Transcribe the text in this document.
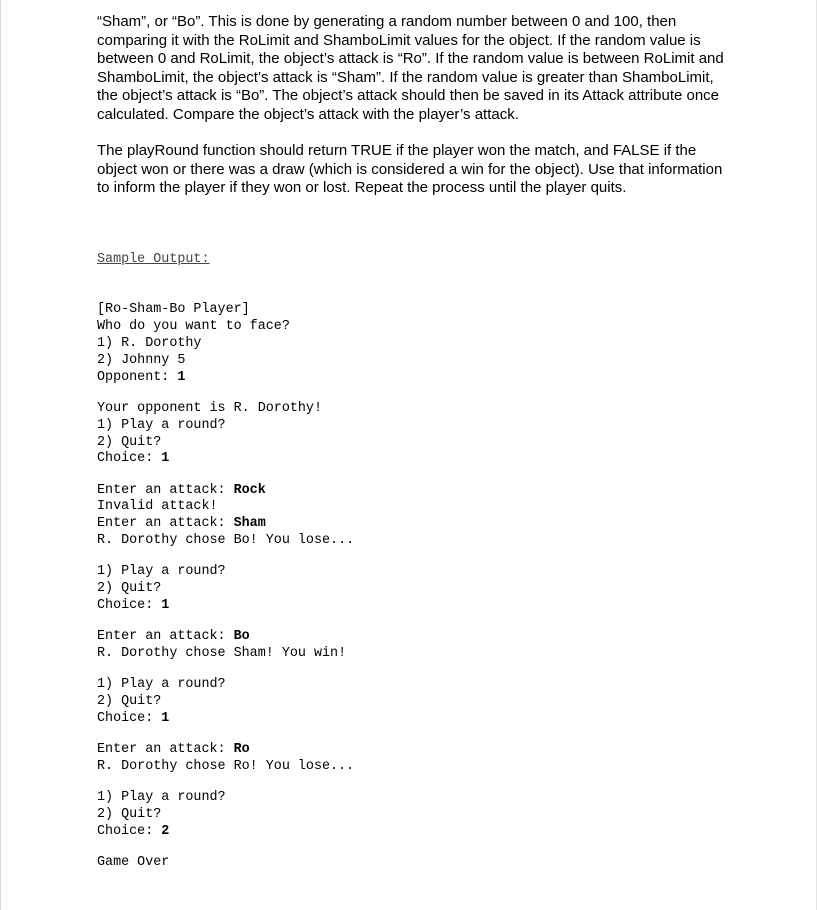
“Sham”, or “Bo”. This is done by generating a random number between 0 and 100, then comparing it with the RoLimit and ShamboLimit values for the object. If the random value is between 0 and RoLimit, the object’s attack is “Ro”. If the random value is between RoLimit and ShamboLimit, the object’s attack is “Sham”. If the random value is greater than ShamboLimit, the object’s attack is “Bo”. The object’s attack should then be saved in its Attack attribute once calculated. Compare the object’s attack with the player’s attack.

The playRound function should return TRUE if the player won the match, and FALSE if the object won or there was a draw (which is considered a win for the object). Use that information to inform the player if they won or lost. Repeat the process until the player quits.

Sample Output:

[Ro-Sham-Bo Player]
Who do you want to face?
1) R. Dorothy
2) Johnny 5
Opponent: 1
Your opponent is R. Dorothy!
1) Play a round?
2) Quit?
Choice: 1
Enter an attack: Rock
Invalid attack!
Enter an attack: Sham
R. Dorothy chose Bo! You lose...
1) Play a round?
2) Quit?
Choice: 1
Enter an attack: Bo
R. Dorothy chose Sham! You win!
1) Play a round?
2) Quit?
Choice: 1
Enter an attack: Ro
R. Dorothy chose Ro! You lose...
1) Play a round?
2) Quit?
Choice: 2
Game Over
